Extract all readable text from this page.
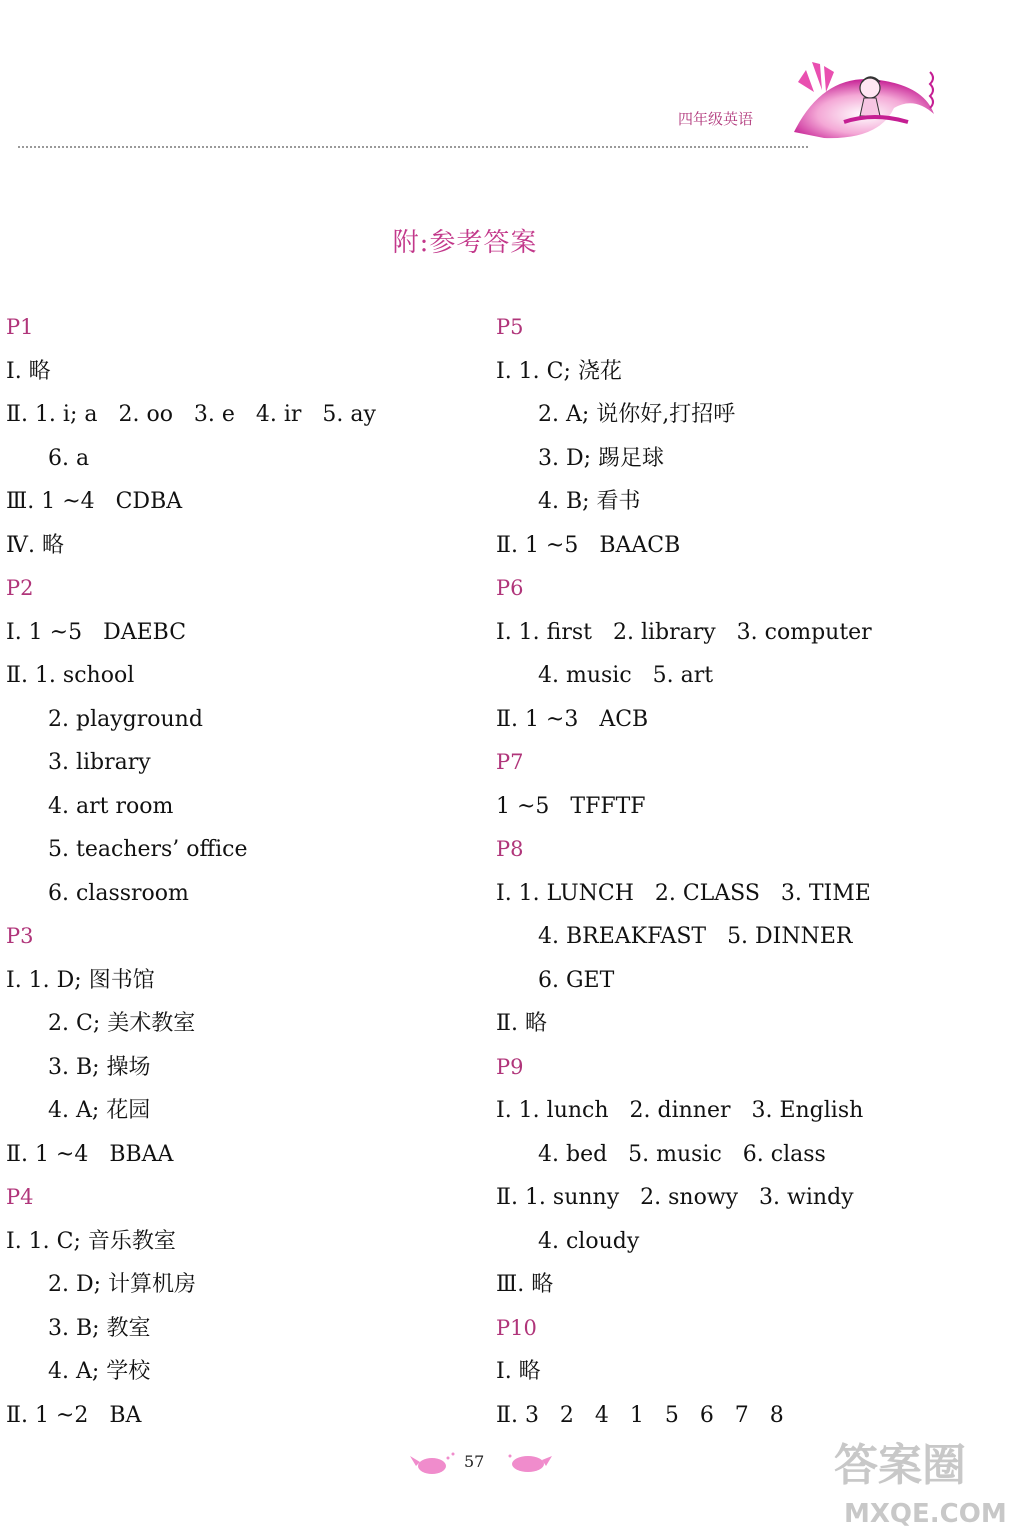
四年级英语
附:参考答案
P1
Ⅰ. 略
Ⅱ. 1. i; a   2. oo   3. e   4. ir   5. ay
6. a
Ⅲ. 1 ~4   CDBA
Ⅳ. 略
P2
Ⅰ. 1 ~5   DAEBC
Ⅱ. 1. school
2. playground
3. library
4. art room
5. teachers’ office
6. classroom
P3
Ⅰ. 1. D; 图书馆
2. C; 美术教室
3. B; 操场
4. A; 花园
Ⅱ. 1 ~4   BBAA
P4
Ⅰ. 1. C; 音乐教室
2. D; 计算机房
3. B; 教室
4. A; 学校
Ⅱ. 1 ~2   BA
P5
Ⅰ. 1. C; 浇花
2. A; 说你好,打招呼
3. D; 踢足球
4. B; 看书
Ⅱ. 1 ~5   BAACB
P6
Ⅰ. 1. first   2. library   3. computer
4. music   5. art
Ⅱ. 1 ~3   ACB
P7
1 ~5   TFFTF
P8
Ⅰ. 1. LUNCH   2. CLASS   3. TIME
4. BREAKFAST   5. DINNER
6. GET
Ⅱ. 略
P9
Ⅰ. 1. lunch   2. dinner   3. English
4. bed   5. music   6. class
Ⅱ. 1. sunny   2. snowy   3. windy
4. cloudy
Ⅲ. 略
P10
Ⅰ. 略
Ⅱ. 3   2   4   1   5   6   7   8
57	答案圈
MXQE.COM
